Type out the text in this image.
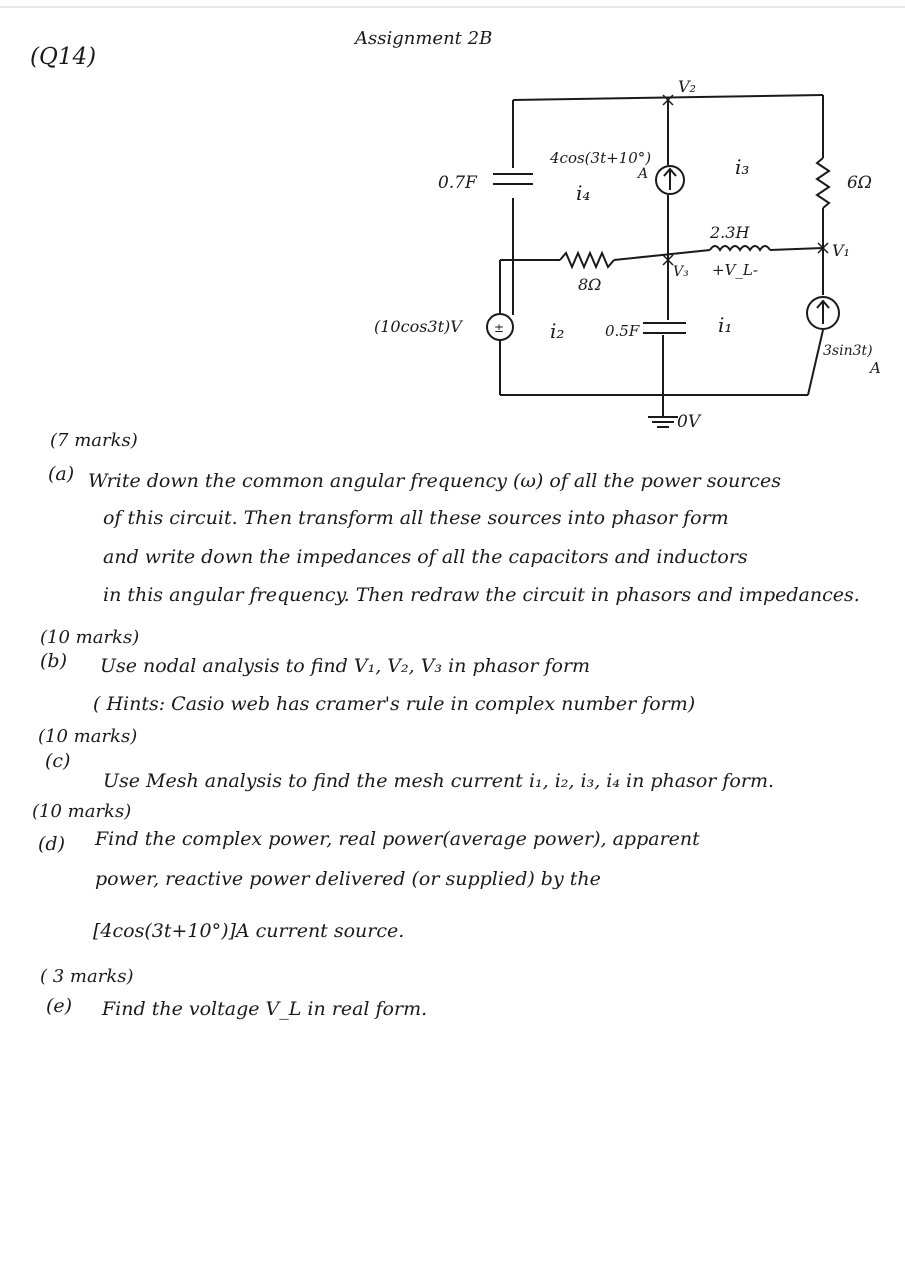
(Q14)
Assignment 2B
±
V₂
V₁
V₃
0V
0.7F
0.5F
6Ω
8Ω
2.3H
+V_L-
4cos(3t+10°)
A
(10cos3t)V
3sin3t)
A
i₄
i₃
i₂	i₁
(7 marks)
(a) Write down the common angular frequency (ω) of all the power sources
of this circuit. Then transform all these sources into phasor form
and write down the impedances of all the capacitors and inductors
in this angular frequency. Then redraw the circuit in phasors and impedances.
(10 marks)
(b) Use nodal analysis to find V₁, V₂, V₃ in phasor form
( Hints: Casio web has cramer's rule in complex number form)
(10 marks)
(c)
Use Mesh analysis to find the mesh current i₁, i₂, i₃, i₄ in phasor form.
(10 marks)
(d) Find the complex power, real power(average power), apparent
power, reactive power delivered (or supplied) by the
[4cos(3t+10°)]A current source.
( 3 marks)
(e) Find the voltage V_L in real form.
